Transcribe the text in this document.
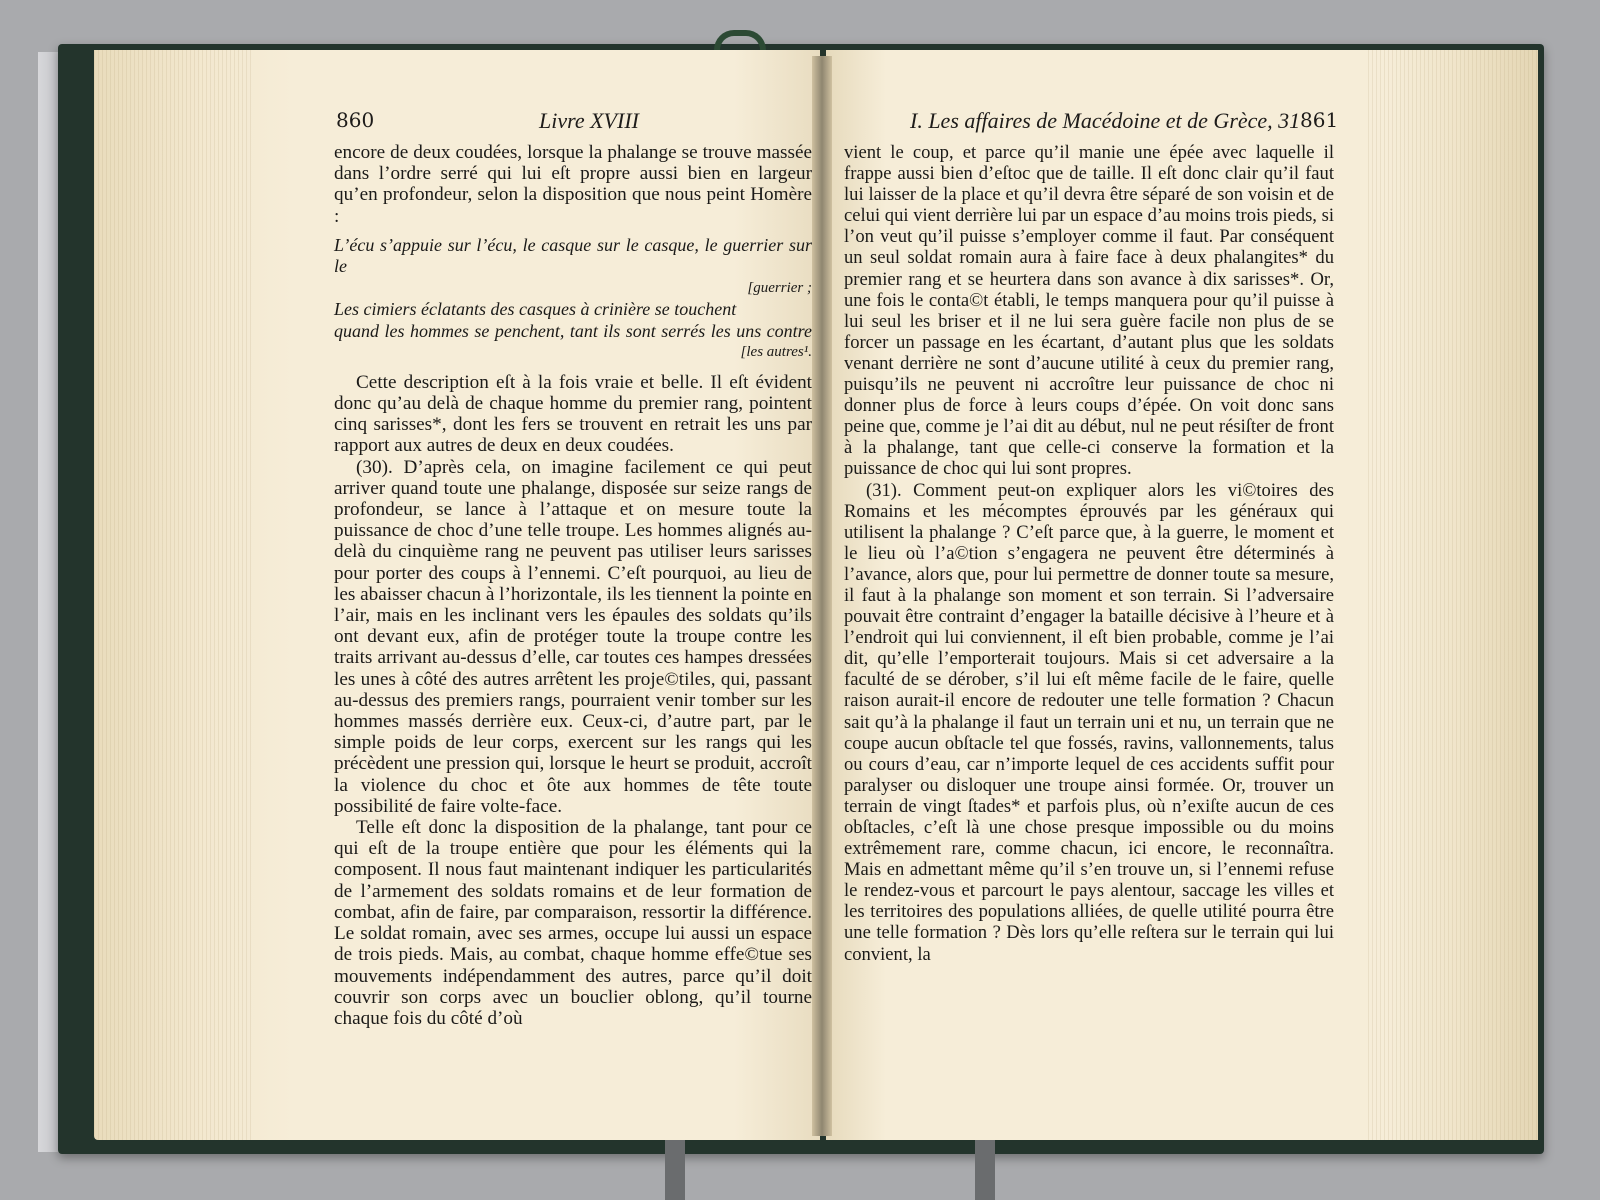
860	Livre XVIII

encore de deux coudées, lorsque la phalange se trouve massée dans l’ordre serré qui lui eſt propre aussi bien en largeur qu’en profondeur, selon la disposition que nous peint Homère :

L’écu s’appuie sur l’écu, le casque sur le casque, le guerrier sur le
[guerrier ;
Les cimiers éclatants des casques à crinière se touchent
quand les hommes se penchent, tant ils sont serrés les uns contre
[les autres¹.

Cette description eſt à la fois vraie et belle. Il eſt évident donc qu’au delà de chaque homme du premier rang, pointent cinq sarisses*, dont les fers se trouvent en retrait les uns par rapport aux autres de deux en deux coudées.

(30). D’après cela, on imagine facilement ce qui peut arriver quand toute une phalange, disposée sur seize rangs de profondeur, se lance à l’attaque et on mesure toute la puissance de choc d’une telle troupe. Les hommes alignés au-delà du cinquième rang ne peuvent pas utiliser leurs sarisses pour porter des coups à l’ennemi. C’eſt pourquoi, au lieu de les abaisser chacun à l’horizontale, ils les tiennent la pointe en l’air, mais en les inclinant vers les épaules des soldats qu’ils ont devant eux, afin de protéger toute la troupe contre les traits arrivant au-dessus d’elle, car toutes ces hampes dressées les unes à côté des autres arrêtent les proje©tiles, qui, passant au-dessus des premiers rangs, pourraient venir tomber sur les hommes massés derrière eux. Ceux-ci, d’autre part, par le simple poids de leur corps, exercent sur les rangs qui les précèdent une pression qui, lorsque le heurt se produit, accroît la violence du choc et ôte aux hommes de tête toute possibilité de faire volte-face.

Telle eſt donc la disposition de la phalange, tant pour ce qui eſt de la troupe entière que pour les éléments qui la composent. Il nous faut maintenant indiquer les particularités de l’armement des soldats romains et de leur formation de combat, afin de faire, par comparaison, ressortir la différence. Le soldat romain, avec ses armes, occupe lui aussi un espace de trois pieds. Mais, au combat, chaque homme effe©tue ses mouvements indépendamment des autres, parce qu’il doit couvrir son corps avec un bouclier oblong, qu’il tourne chaque fois du côté d’où

I. Les affaires de Macédoine et de Grèce, 31 861

vient le coup, et parce qu’il manie une épée avec laquelle il frappe aussi bien d’eſtoc que de taille. Il eſt donc clair qu’il faut lui laisser de la place et qu’il devra être séparé de son voisin et de celui qui vient derrière lui par un espace d’au moins trois pieds, si l’on veut qu’il puisse s’employer comme il faut. Par conséquent un seul soldat romain aura à faire face à deux phalangites* du premier rang et se heurtera dans son avance à dix sarisses*. Or, une fois le conta©t établi, le temps manquera pour qu’il puisse à lui seul les briser et il ne lui sera guère facile non plus de se forcer un passage en les écartant, d’autant plus que les soldats venant derrière ne sont d’aucune utilité à ceux du premier rang, puisqu’ils ne peuvent ni accroître leur puissance de choc ni donner plus de force à leurs coups d’épée. On voit donc sans peine que, comme je l’ai dit au début, nul ne peut résiſter de front à la phalange, tant que celle-ci conserve la formation et la puissance de choc qui lui sont propres.

(31). Comment peut-on expliquer alors les vi©toires des Romains et les mécomptes éprouvés par les généraux qui utilisent la phalange ? C’eſt parce que, à la guerre, le moment et le lieu où l’a©tion s’engagera ne peuvent être déterminés à l’avance, alors que, pour lui permettre de donner toute sa mesure, il faut à la phalange son moment et son terrain. Si l’adversaire pouvait être contraint d’engager la bataille décisive à l’heure et à l’endroit qui lui conviennent, il eſt bien probable, comme je l’ai dit, qu’elle l’emporterait toujours. Mais si cet adversaire a la faculté de se dérober, s’il lui eſt même facile de le faire, quelle raison aurait-il encore de redouter une telle formation ? Chacun sait qu’à la phalange il faut un terrain uni et nu, un terrain que ne coupe aucun obſtacle tel que fossés, ravins, vallonnements, talus ou cours d’eau, car n’importe lequel de ces accidents suffit pour paralyser ou disloquer une troupe ainsi formée. Or, trouver un terrain de vingt ſtades* et parfois plus, où n’exiſte aucun de ces obſtacles, c’eſt là une chose presque impossible ou du moins extrêmement rare, comme chacun, ici encore, le reconnaîtra. Mais en admettant même qu’il s’en trouve un, si l’ennemi refuse le rendez-vous et parcourt le pays alentour, saccage les villes et les territoires des populations alliées, de quelle utilité pourra être une telle formation ? Dès lors qu’elle reſtera sur le terrain qui lui convient, la
